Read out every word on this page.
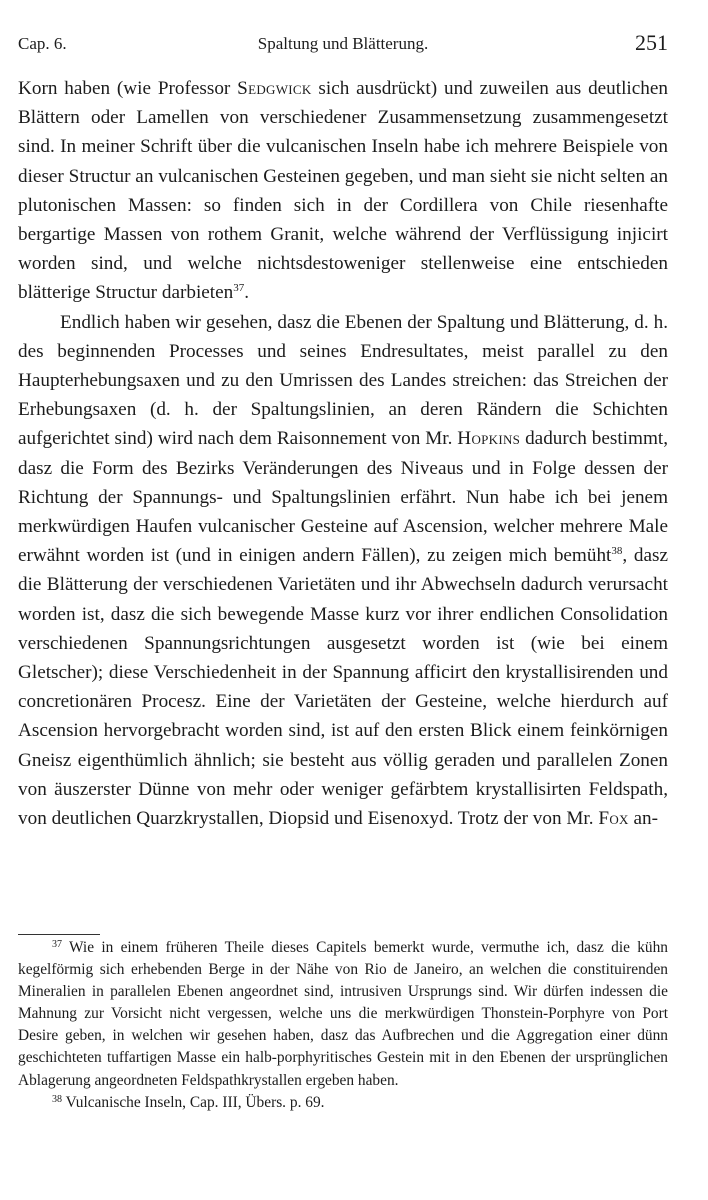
Cap. 6.	Spaltung und Blätterung.	251

Korn haben (wie Professor Sedgwick sich ausdrückt) und zuweilen aus deutlichen Blättern oder Lamellen von verschiedener Zusammensetzung zusammengesetzt sind. In meiner Schrift über die vulcanischen Inseln habe ich mehrere Beispiele von dieser Structur an vulcanischen Gesteinen gegeben, und man sieht sie nicht selten an plutonischen Massen: so finden sich in der Cordillera von Chile riesenhafte bergartige Massen von rothem Granit, welche während der Verflüssigung injicirt worden sind, und welche nichtsdestoweniger stellenweise eine entschieden blätterige Structur darbieten$^{37}$.

Endlich haben wir gesehen, dasz die Ebenen der Spaltung und Blätterung, d. h. des beginnenden Processes und seines Endresultates, meist parallel zu den Haupterhebungsaxen und zu den Umrissen des Landes streichen: das Streichen der Erhebungsaxen (d. h. der Spaltungslinien, an deren Rändern die Schichten aufgerichtet sind) wird nach dem Raisonnement von Mr. Hopkins dadurch bestimmt, dasz die Form des Bezirks Veränderungen des Niveaus und in Folge dessen der Richtung der Spannungs- und Spaltungslinien erfährt. Nun habe ich bei jenem merkwürdigen Haufen vulcanischer Gesteine auf Ascension, welcher mehrere Male erwähnt worden ist (und in einigen andern Fällen), zu zeigen mich bemüht$^{38}$, dasz die Blätterung der verschiedenen Varietäten und ihr Abwechseln dadurch verursacht worden ist, dasz die sich bewegende Masse kurz vor ihrer endlichen Consolidation verschiedenen Spannungsrichtungen ausgesetzt worden ist (wie bei einem Gletscher); diese Verschiedenheit in der Spannung afficirt den krystallisirenden und concretionären Procesz. Eine der Varietäten der Gesteine, welche hierdurch auf Ascension hervorgebracht worden sind, ist auf den ersten Blick einem feinkörnigen Gneisz eigenthümlich ähnlich; sie besteht aus völlig geraden und parallelen Zonen von äuszerster Dünne von mehr oder weniger gefärbtem krystallisirten Feldspath, von deutlichen Quarzkrystallen, Diopsid und Eisenoxyd. Trotz der von Mr. Fox an-

$^{37}$ Wie in einem früheren Theile dieses Capitels bemerkt wurde, vermuthe ich, dasz die kühn kegelförmig sich erhebenden Berge in der Nähe von Rio de Janeiro, an welchen die constituirenden Mineralien in parallelen Ebenen angeordnet sind, intrusiven Ursprungs sind. Wir dürfen indessen die Mahnung zur Vorsicht nicht vergessen, welche uns die merkwürdigen Thonstein-Porphyre von Port Desire geben, in welchen wir gesehen haben, dasz das Aufbrechen und die Aggregation einer dünn geschichteten tuffartigen Masse ein halb-porphyritisches Gestein mit in den Ebenen der ursprünglichen Ablagerung angeordneten Feldspathkrystallen ergeben haben.

$^{38}$ Vulcanische Inseln, Cap. III, Übers. p. 69.
